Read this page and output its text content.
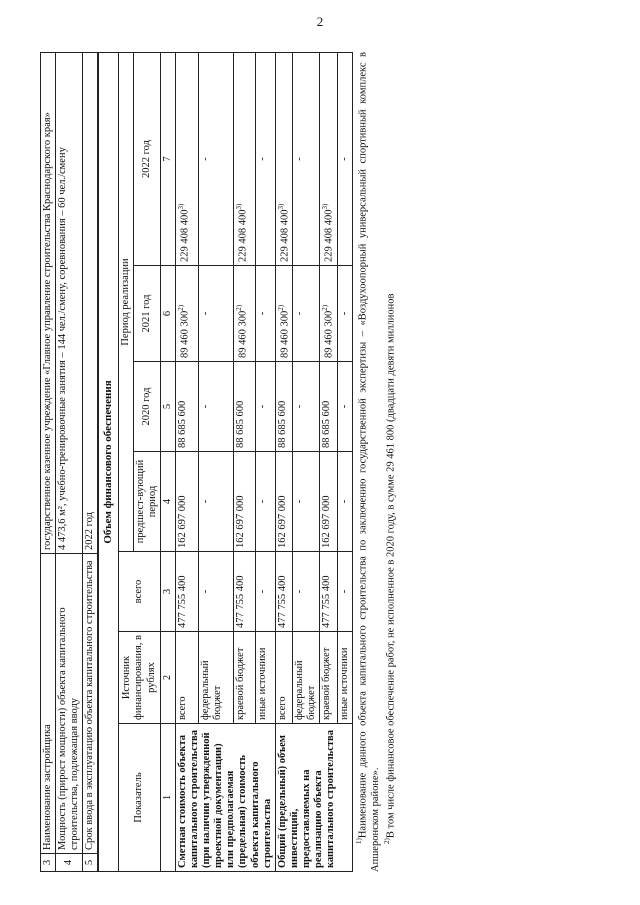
2
3	Наименование застройщика	государственное казенное учреждение «Главное управление строительства Краснодарского края»
4	Мощность (прирост мощности) объекта капитального строительства, подлежащая вводу	4 473,6 м², учебно-тренировочные занятия – 144 чел./смену, соревнования – 60 чел./смену
5	Срок ввода в эксплуатацию объекта капитального строительства	2022 год Объем финансового обеспечения						
Показатель	Источник финансирования, в рублях	всего	Период реализации			
			предшест-вующий период	2020 год	2021 год	2022 год
1	2	3	4	5	6	7
Сметная стоимость объекта капитального строительства (при наличии утвержденной проектной документации) или предполагаемая (предельная) стоимость объекта капитального строительства	всего	477 755 400	162 697 000	88 685 600	89 460 300$^{2)}$	229 408 400$^{3)}$
	федеральный бюджет	-	-	-	-	-
	краевой бюджет	477 755 400	162 697 000	88 685 600	89 460 300$^{2)}$	229 408 400$^{3)}$
	иные источники	-	-	-	-	-
Общий (предельный) объем инвестиций, предоставляемых на реализацию объекта капитального строительства	всего	477 755 400	162 697 000	88 685 600	89 460 300$^{2)}$	229 408 400$^{3)}$
	федеральный бюджет	-	-	-	-	-
	краевой бюджет	477 755 400	162 697 000	88 685 600	89 460 300$^{2)}$	229 408 400$^{3)}$
	иные источники	-	-	-	-	-

$^{1)}$Наименование данного объекта капитального строительства по заключению государственной экспертизы – «Воздухоопорный универсальный спортивный комплекс в Апшеронском районе». $^{2)}$В том числе финансовое обеспечение работ, не исполненное в 2020 году, в сумме 29 461 800 (двадцати девяти миллионов
